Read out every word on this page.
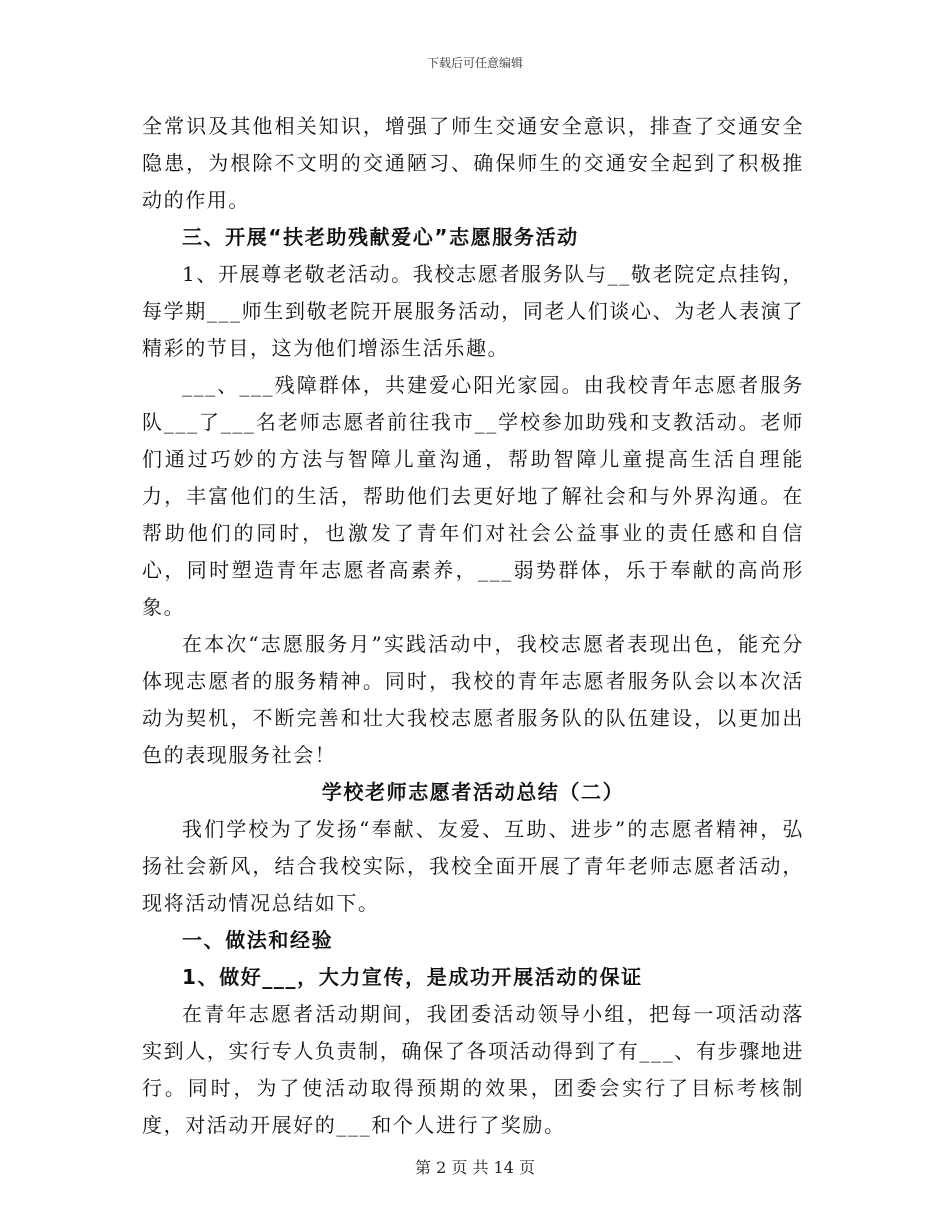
下载后可任意编辑

全常识及其他相关知识，增强了师生交通安全意识，排查了交通安全隐患，为根除不文明的交通陋习、确保师生的交通安全起到了积极推动的作用。

三、开展“扶老助残献爱心”志愿服务活动

1、开展尊老敬老活动。我校志愿者服务队与__敬老院定点挂钩，每学期___师生到敬老院开展服务活动，同老人们谈心、为老人表演了精彩的节目，这为他们增添生活乐趣。

___、___残障群体，共建爱心阳光家园。由我校青年志愿者服务队___了___名老师志愿者前往我市__学校参加助残和支教活动。老师们通过巧妙的方法与智障儿童沟通，帮助智障儿童提高生活自理能力，丰富他们的生活，帮助他们去更好地了解社会和与外界沟通。在帮助他们的同时，也激发了青年们对社会公益事业的责任感和自信心，同时塑造青年志愿者高素养，___弱势群体，乐于奉献的高尚形象。

在本次“志愿服务月”实践活动中，我校志愿者表现出色，能充分体现志愿者的服务精神。同时，我校的青年志愿者服务队会以本次活动为契机，不断完善和壮大我校志愿者服务队的队伍建设，以更加出色的表现服务社会！

学校老师志愿者活动总结（二）

我们学校为了发扬“奉献、友爱、互助、进步”的志愿者精神，弘扬社会新风，结合我校实际，我校全面开展了青年老师志愿者活动，现将活动情况总结如下。

一、做法和经验

1、做好___，大力宣传，是成功开展活动的保证

在青年志愿者活动期间，我团委活动领导小组，把每一项活动落实到人，实行专人负责制，确保了各项活动得到了有___、有步骤地进行。同时，为了使活动取得预期的效果，团委会实行了目标考核制度，对活动开展好的___和个人进行了奖励。

第 2 页 共 14 页
